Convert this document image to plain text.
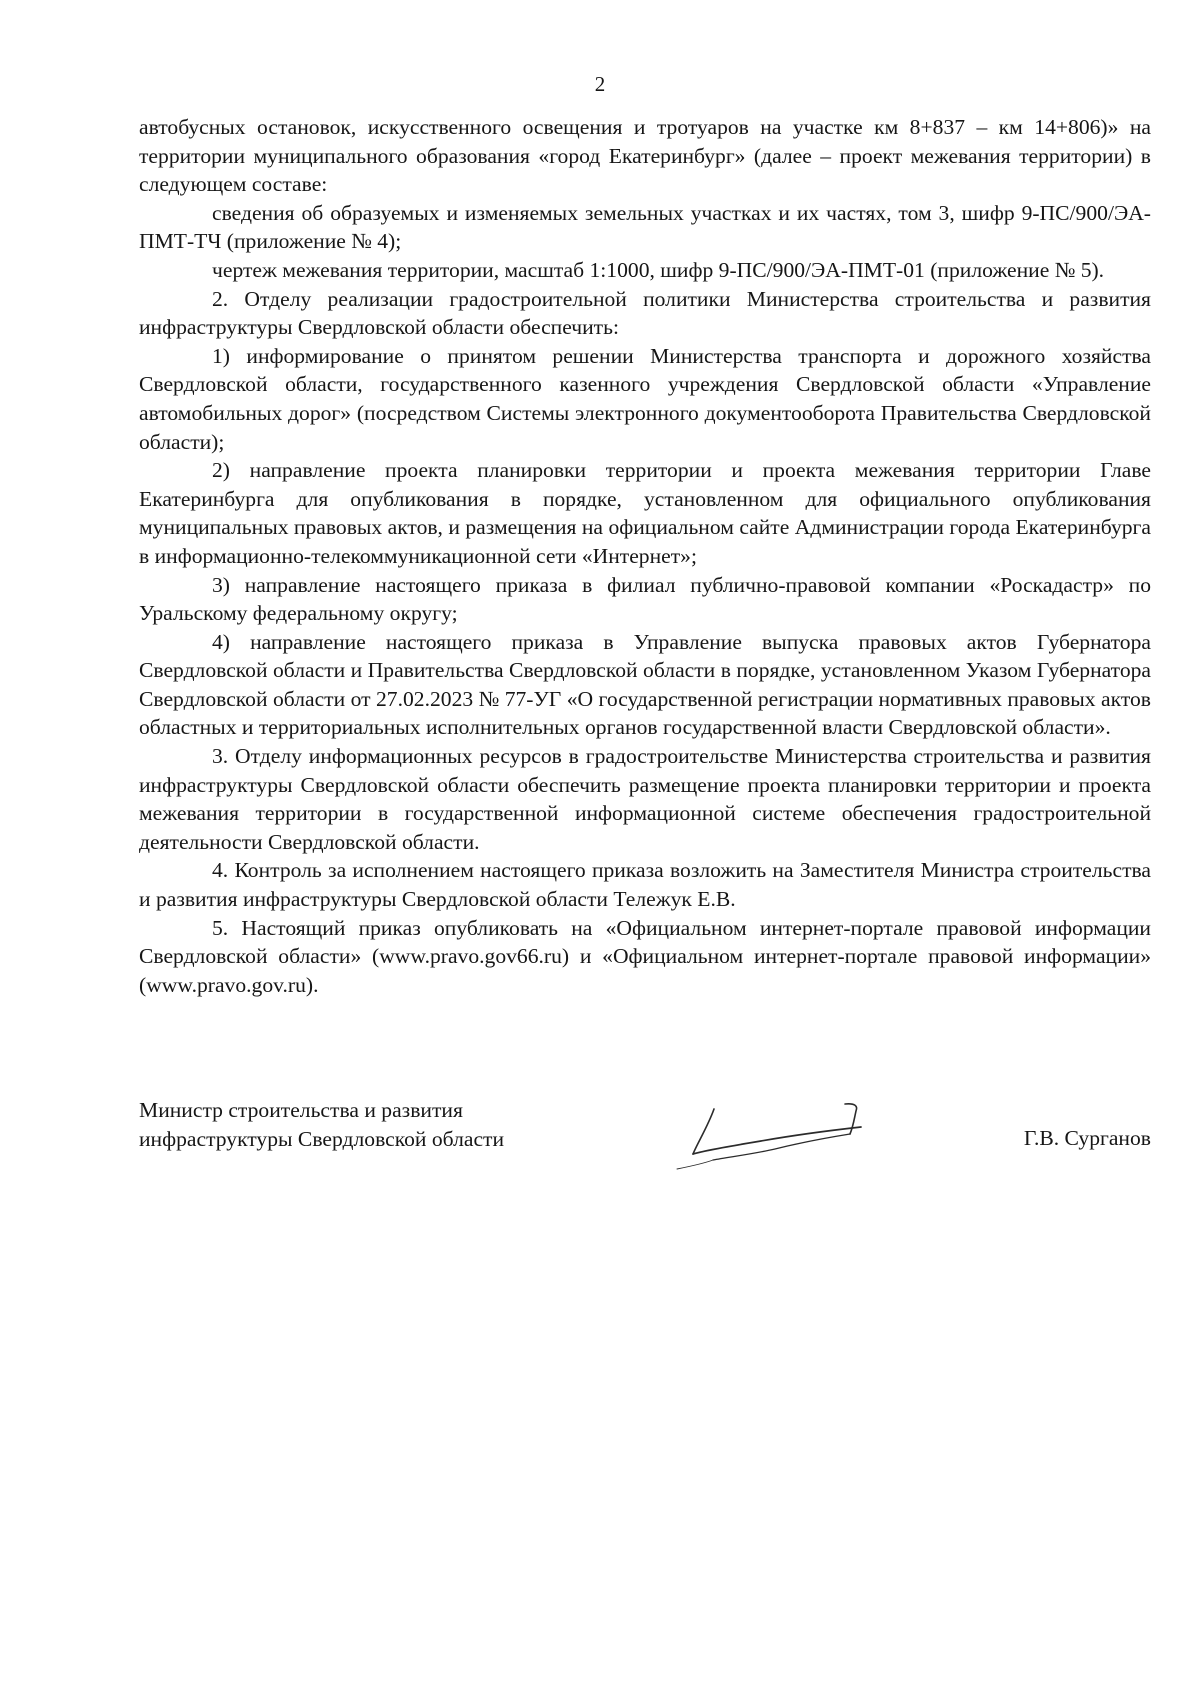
2

автобусных остановок, искусственного освещения и тротуаров на участке км 8+837 – км 14+806)» на территории муниципального образования «город Екатеринбург» (далее – проект межевания территории) в следующем составе:

сведения об образуемых и изменяемых земельных участках и их частях, том 3, шифр 9-ПС/900/ЭА-ПМТ-ТЧ (приложение № 4);

чертеж межевания территории, масштаб 1:1000, шифр 9-ПС/900/ЭА-ПМТ-01 (приложение № 5).

2. Отделу реализации градостроительной политики Министерства строительства и развития инфраструктуры Свердловской области обеспечить:

1) информирование о принятом решении Министерства транспорта и дорожного хозяйства Свердловской области, государственного казенного учреждения Свердловской области «Управление автомобильных дорог» (посредством Системы электронного документооборота Правительства Свердловской области);

2) направление проекта планировки территории и проекта межевания территории Главе Екатеринбурга для опубликования в порядке, установленном для официального опубликования муниципальных правовых актов, и размещения на официальном сайте Администрации города Екатеринбурга в информационно-телекоммуникационной сети «Интернет»;

3) направление настоящего приказа в филиал публично-правовой компании «Роскадастр» по Уральскому федеральному округу;

4) направление настоящего приказа в Управление выпуска правовых актов Губернатора Свердловской области и Правительства Свердловской области в порядке, установленном Указом Губернатора Свердловской области от 27.02.2023 № 77-УГ «О государственной регистрации нормативных правовых актов областных и территориальных исполнительных органов государственной власти Свердловской области».

3. Отделу информационных ресурсов в градостроительстве Министерства строительства и развития инфраструктуры Свердловской области обеспечить размещение проекта планировки территории и проекта межевания территории в государственной информационной системе обеспечения градостроительной деятельности Свердловской области.

4. Контроль за исполнением настоящего приказа возложить на Заместителя Министра строительства и развития инфраструктуры Свердловской области Тележук Е.В.

5. Настоящий приказ опубликовать на «Официальном интернет-портале правовой информации Свердловской области» (www.pravo.gov66.ru) и «Официальном интернет-портале правовой информации» (www.pravo.gov.ru).

Министр строительства и развития
инфраструктуры Свердловской области	Г.В. Сурганов
